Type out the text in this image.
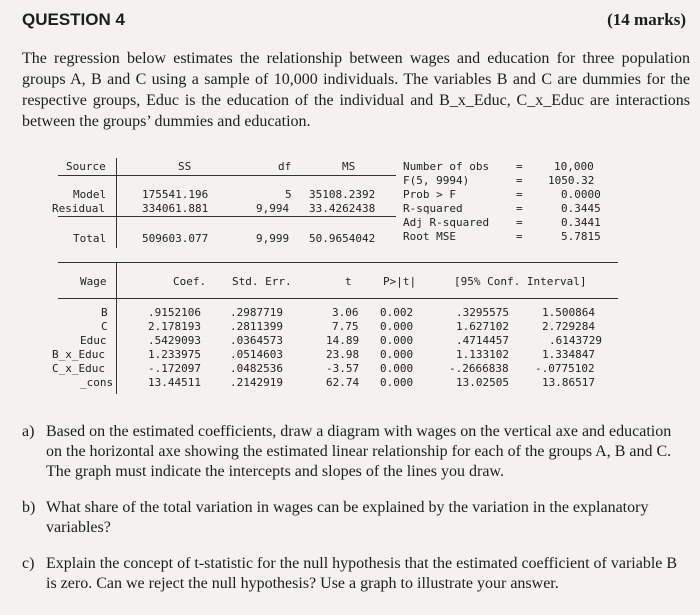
QUESTION 4	(14 marks)
The regression below estimates the relationship between wages and education for three population groups A, B and C using a sample of 10,000 individuals. The variables B and C are dummies for the respective groups, Educ is the education of the individual and B_x_Educ, C_x_Educ are interactions between the groups’ dummies and education.
Source	SS	df	MS
Model	175541.196	5 35108.2392
Residual	334061.881	9,994 33.4262438
Total	509603.077	9,999 50.9654042
Number of obs =	10,000
F(5, 9994)	= 1050.32
Prob > F	=	0.0000
R-squared	=	0.3445
Adj R-squared =	0.3441
Root MSE	=	5.7815
Wage	Coef. Std. Err.	t	P>|t|	[95% Conf. Interval]
B	.9152106	.2987719	3.06 0.002	.3295575	1.500864
C	2.178193	.2811399	7.75 0.000	1.627102	2.729284
Educ	.5429093	.0364573	14.89 0.000	.4714457	.6143729
B_x_Educ	1.233975	.0514603	23.98 0.000	1.133102	1.334847
C_x_Educ	-.172097	.0482536	-3.57 0.000	-.2666838 -.0775102
_cons	13.44511	.2142919	62.74 0.000	13.02505	13.86517
a) Based on the estimated coefficients, draw a diagram with wages on the vertical axe and education on the horizontal axe showing the estimated linear relationship for each of the groups A, B and C. The graph must indicate the intercepts and slopes of the lines you draw.
b) What share of the total variation in wages can be explained by the variation in the explanatory variables?
c) Explain the concept of t-statistic for the null hypothesis that the estimated coefficient of variable B is zero. Can we reject the null hypothesis? Use a graph to illustrate your answer.
